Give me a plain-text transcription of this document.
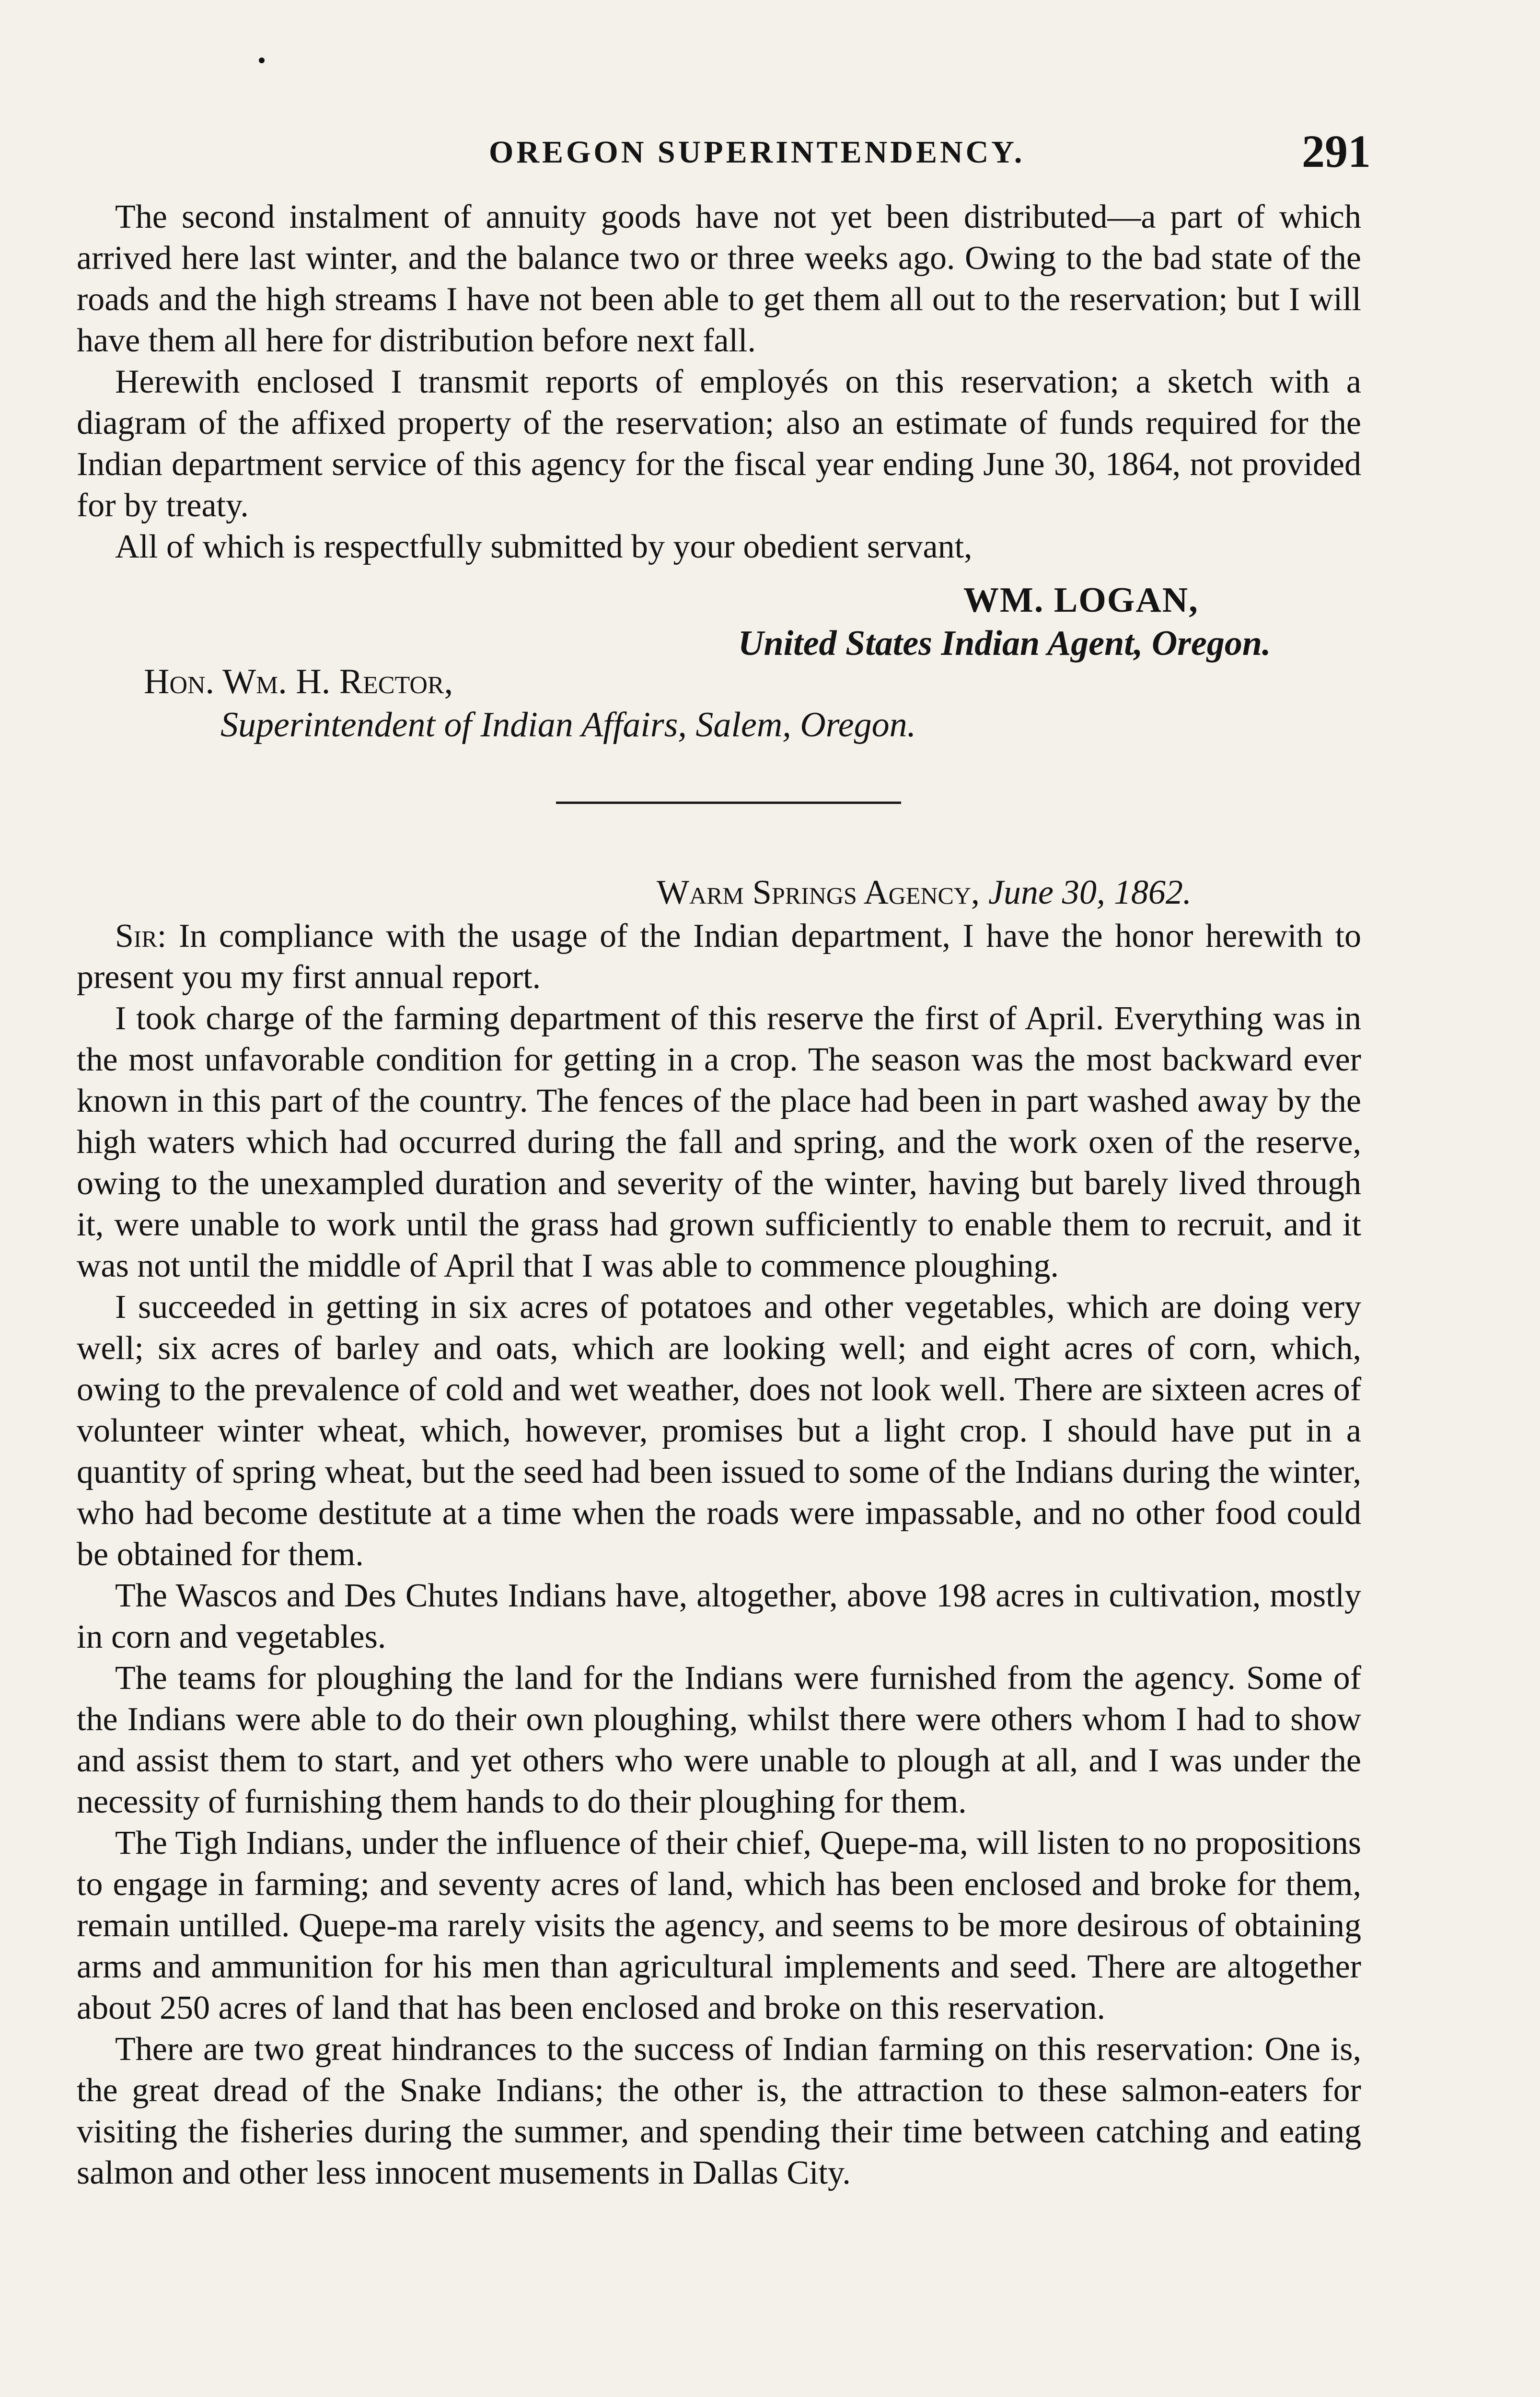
OREGON SUPERINTENDENCY.	291

The second instalment of annuity goods have not yet been distributed—a part of which arrived here last winter, and the balance two or three weeks ago. Owing to the bad state of the roads and the high streams I have not been able to get them all out to the reservation; but I will have them all here for distribution before next fall.

Herewith enclosed I transmit reports of employés on this reservation; a sketch with a diagram of the affixed property of the reservation; also an estimate of funds required for the Indian department service of this agency for the fiscal year ending June 30, 1864, not provided for by treaty.

All of which is respectfully submitted by your obedient servant,

WM. LOGAN,
United States Indian Agent, Oregon.
Hon. Wm. H. Rector,
Superintendent of Indian Affairs, Salem, Oregon.
Warm Springs Agency, June 30, 1862.

Sir: In compliance with the usage of the Indian department, I have the honor herewith to present you my first annual report.

I took charge of the farming department of this reserve the first of April. Everything was in the most unfavorable condition for getting in a crop. The season was the most backward ever known in this part of the country. The fences of the place had been in part washed away by the high waters which had occurred during the fall and spring, and the work oxen of the reserve, owing to the unexampled duration and severity of the winter, having but barely lived through it, were unable to work until the grass had grown sufficiently to enable them to recruit, and it was not until the middle of April that I was able to commence ploughing.

I succeeded in getting in six acres of potatoes and other vegetables, which are doing very well; six acres of barley and oats, which are looking well; and eight acres of corn, which, owing to the prevalence of cold and wet weather, does not look well. There are sixteen acres of volunteer winter wheat, which, however, promises but a light crop. I should have put in a quantity of spring wheat, but the seed had been issued to some of the Indians during the winter, who had become destitute at a time when the roads were impassable, and no other food could be obtained for them.

The Wascos and Des Chutes Indians have, altogether, above 198 acres in cultivation, mostly in corn and vegetables.

The teams for ploughing the land for the Indians were furnished from the agency. Some of the Indians were able to do their own ploughing, whilst there were others whom I had to show and assist them to start, and yet others who were unable to plough at all, and I was under the necessity of furnishing them hands to do their ploughing for them.

The Tigh Indians, under the influence of their chief, Quepe-ma, will listen to no propositions to engage in farming; and seventy acres of land, which has been enclosed and broke for them, remain untilled. Quepe-ma rarely visits the agency, and seems to be more desirous of obtaining arms and ammunition for his men than agricultural implements and seed. There are altogether about 250 acres of land that has been enclosed and broke on this reservation.

There are two great hindrances to the success of Indian farming on this reservation: One is, the great dread of the Snake Indians; the other is, the attraction to these salmon-eaters for visiting the fisheries during the summer, and spending their time between catching and eating salmon and other less innocent musements in Dallas City.
